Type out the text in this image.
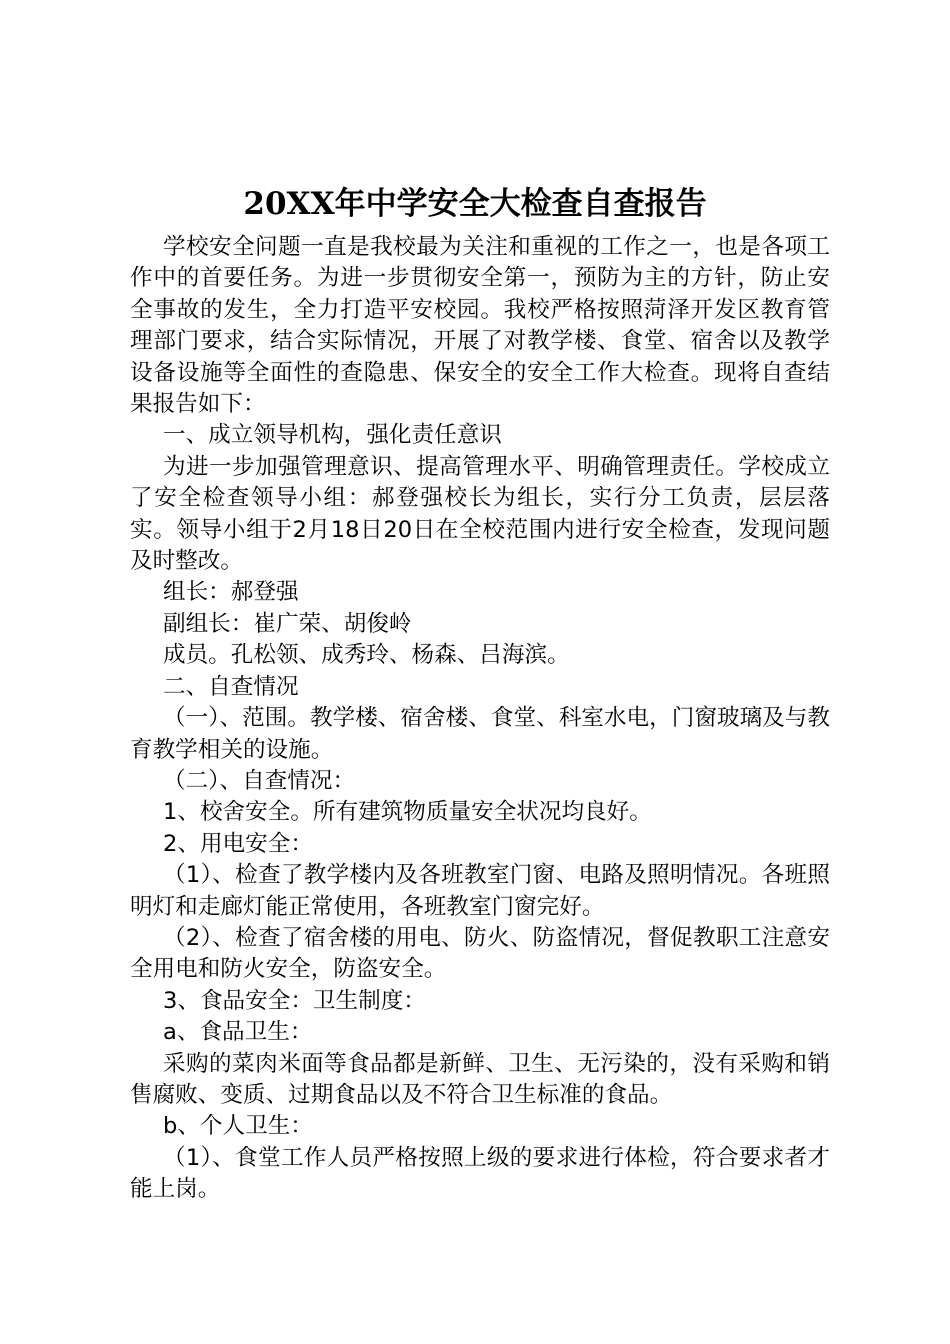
20XX年中学安全大检查自查报告

学校安全问题一直是我校最为关注和重视的工作之一，也是各项工作中的首要任务。为进一步贯彻安全第一，预防为主的方针，防止安全事故的发生，全力打造平安校园。我校严格按照菏泽开发区教育管理部门要求，结合实际情况，开展了对教学楼、食堂、宿舍以及教学设备设施等全面性的查隐患、保安全的安全工作大检查。现将自查结果报告如下：

一、成立领导机构，强化责任意识

为进一步加强管理意识、提高管理水平、明确管理责任。学校成立了安全检查领导小组：郝登强校长为组长，实行分工负责，层层落实。领导小组于2月18日20日在全校范围内进行安全检查，发现问题及时整改。

组长：郝登强

副组长：崔广荣、胡俊岭

成员。孔松领、成秀玲、杨森、吕海滨。

二、自查情况

（一）、范围。教学楼、宿舍楼、食堂、科室水电，门窗玻璃及与教育教学相关的设施。

（二）、自查情况：

1、校舍安全。所有建筑物质量安全状况均良好。

2、用电安全：

（1）、检查了教学楼内及各班教室门窗、电路及照明情况。各班照明灯和走廊灯能正常使用，各班教室门窗完好。

（2）、检查了宿舍楼的用电、防火、防盗情况，督促教职工注意安全用电和防火安全，防盗安全。

3、食品安全：卫生制度：

a、食品卫生：

采购的菜肉米面等食品都是新鲜、卫生、无污染的，没有采购和销售腐败、变质、过期食品以及不符合卫生标准的食品。

b、个人卫生：

（1）、食堂工作人员严格按照上级的要求进行体检，符合要求者才能上岗。
